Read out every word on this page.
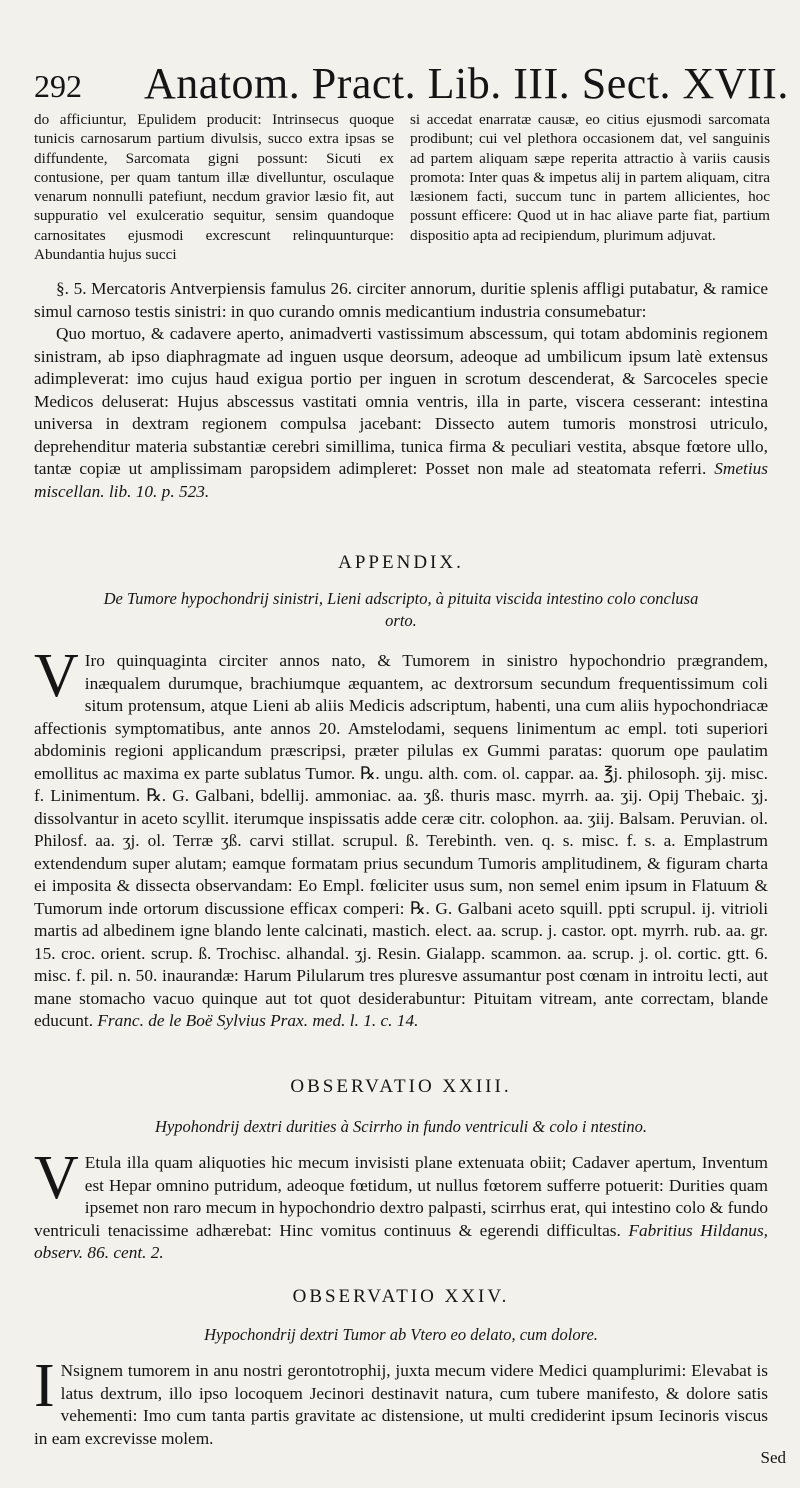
292 Anatom. Pract. Lib. III. Sect. XVII.

do afficiuntur, Epulidem producit: Intrinsecus quoque tunicis carnosarum partium divulsis, succo extra ipsas se diffundente, Sarcomata gigni possunt: Sicuti ex contusione, per quam tantum illæ divelluntur, osculaque venarum nonnulli patefiunt, necdum gravior læsio fit, aut suppuratio vel exulceratio sequitur, sensim quandoque carnositates ejusmodi excrescunt relinquunturque: Abundantia hujus succi

si accedat enarratæ causæ, eo citius ejusmodi sarcomata prodibunt; cui vel plethora occasionem dat, vel sanguinis ad partem aliquam sæpe reperita attractio à variis causis promota: Inter quas & impetus alij in partem aliquam, citra læsionem facti, succum tunc in partem allicientes, hoc possunt efficere: Quod ut in hac aliave parte fiat, partium dispositio apta ad recipiendum, plurimum adjuvat.

§. 5. Mercatoris Antverpiensis famulus 26. circiter annorum, duritie splenis affligi putabatur, & ramice simul carnoso testis sinistri: in quo curando omnis medicantium industria consumebatur:

Quo mortuo, & cadavere aperto, animadverti vastissimum abscessum, qui totam abdominis regionem sinistram, ab ipso diaphragmate ad inguen usque deorsum, adeoque ad umbilicum ipsum latè extensus adimpleverat: imo cujus haud exigua portio per inguen in scrotum descenderat, & Sarcoceles specie Medicos deluserat: Hujus abscessus vastitati omnia ventris, illa in parte, viscera cesserant: intestina universa in dextram regionem compulsa jacebant: Dissecto autem tumoris monstrosi utriculo, deprehenditur materia substantiæ cerebri simillima, tunica firma & peculiari vestita, absque fœtore ullo, tantæ copiæ ut amplissimam paropsidem adimpleret: Posset non male ad steatomata referri. Smetius miscellan. lib. 10. p. 523.

APPENDIX.

De Tumore hypochondrij sinistri, Lieni adscripto, à pituita viscida intestino colo conclusa orto.

V Iro quinquaginta circiter annos nato, & Tumorem in sinistro hypochondrio prægrandem, inæqualem durumque, brachiumque æquantem, ac dextrorsum secundum frequentissimum coli situm protensum, atque Lieni ab aliis Medicis adscriptum, habenti, una cum aliis hypochondriacæ affectionis symptomatibus, ante annos 20. Amstelodami, sequens linimentum ac empl. toti superiori abdominis regioni applicandum præscripsi, præter pilulas ex Gummi paratas: quorum ope paulatim emollitus ac maxima ex parte sublatus Tumor. ℞. ungu. alth. com. ol. cappar. aa. ℥j. philosoph. ʒij. misc. f. Linimentum. ℞. G. Galbani, bdellij. ammoniac. aa. ʒß. thuris masc. myrrh. aa. ʒij. Opij Thebaic. ʒj. dissolvantur in aceto scyllit. iterumque inspissatis adde ceræ citr. colophon. aa. ʒiij. Balsam. Peruvian. ol. Philosf. aa. ʒj. ol. Terræ ʒß. carvi stillat. scrupul. ß. Terebinth. ven. q. s. misc. f. s. a. Emplastrum extendendum super alutam; eamque formatam prius secundum Tumoris amplitudinem, & figuram charta ei imposita & dissecta observandam: Eo Empl. fœliciter usus sum, non semel enim ipsum in Flatuum & Tumorum inde ortorum discussione efficax comperi: ℞. G. Galbani aceto squill. ppti scrupul. ij. vitrioli martis ad albedinem igne blando lente calcinati, mastich. elect. aa. scrup. j. castor. opt. myrrh. rub. aa. gr. 15. croc. orient. scrup. ß. Trochisc. alhandal. ʒj. Resin. Gialapp. scammon. aa. scrup. j. ol. cortic. gtt. 6. misc. f. pil. n. 50. inaurandæ: Harum Pilularum tres pluresve assumantur post cœnam in introitu lecti, aut mane stomacho vacuo quinque aut tot quot desiderabuntur: Pituitam vitream, ante correctam, blande educunt. Franc. de le Boë Sylvius Prax. med. l. 1. c. 14.

OBSERVATIO XXIII.

Hypohondrij dextri durities à Scirrho in fundo ventriculi & colo i ntestino.

V Etula illa quam aliquoties hic mecum invisisti plane extenuata obiit; Cadaver apertum, Inventum est Hepar omnino putridum, adeoque fœtidum, ut nullus fœtorem sufferre potuerit: Durities quam ipsemet non raro mecum in hypochondrio dextro palpasti, scirrhus erat, qui intestino colo & fundo ventriculi tenacissime adhærebat: Hinc vomitus continuus & egerendi difficultas. Fabritius Hildanus, observ. 86. cent. 2.

OBSERVATIO XXIV.

Hypochondrij dextri Tumor ab Vtero eo delato, cum dolore.

I Nsignem tumorem in anu nostri gerontotrophij, juxta mecum videre Medici quamplurimi: Elevabat is latus dextrum, illo ipso locoquem Jecinori destinavit natura, cum tubere manifesto, & dolore satis vehementi: Imo cum tanta partis gravitate ac distensione, ut multi crediderint ipsum Iecinoris viscus in eam excrevisse molem.

Sed
